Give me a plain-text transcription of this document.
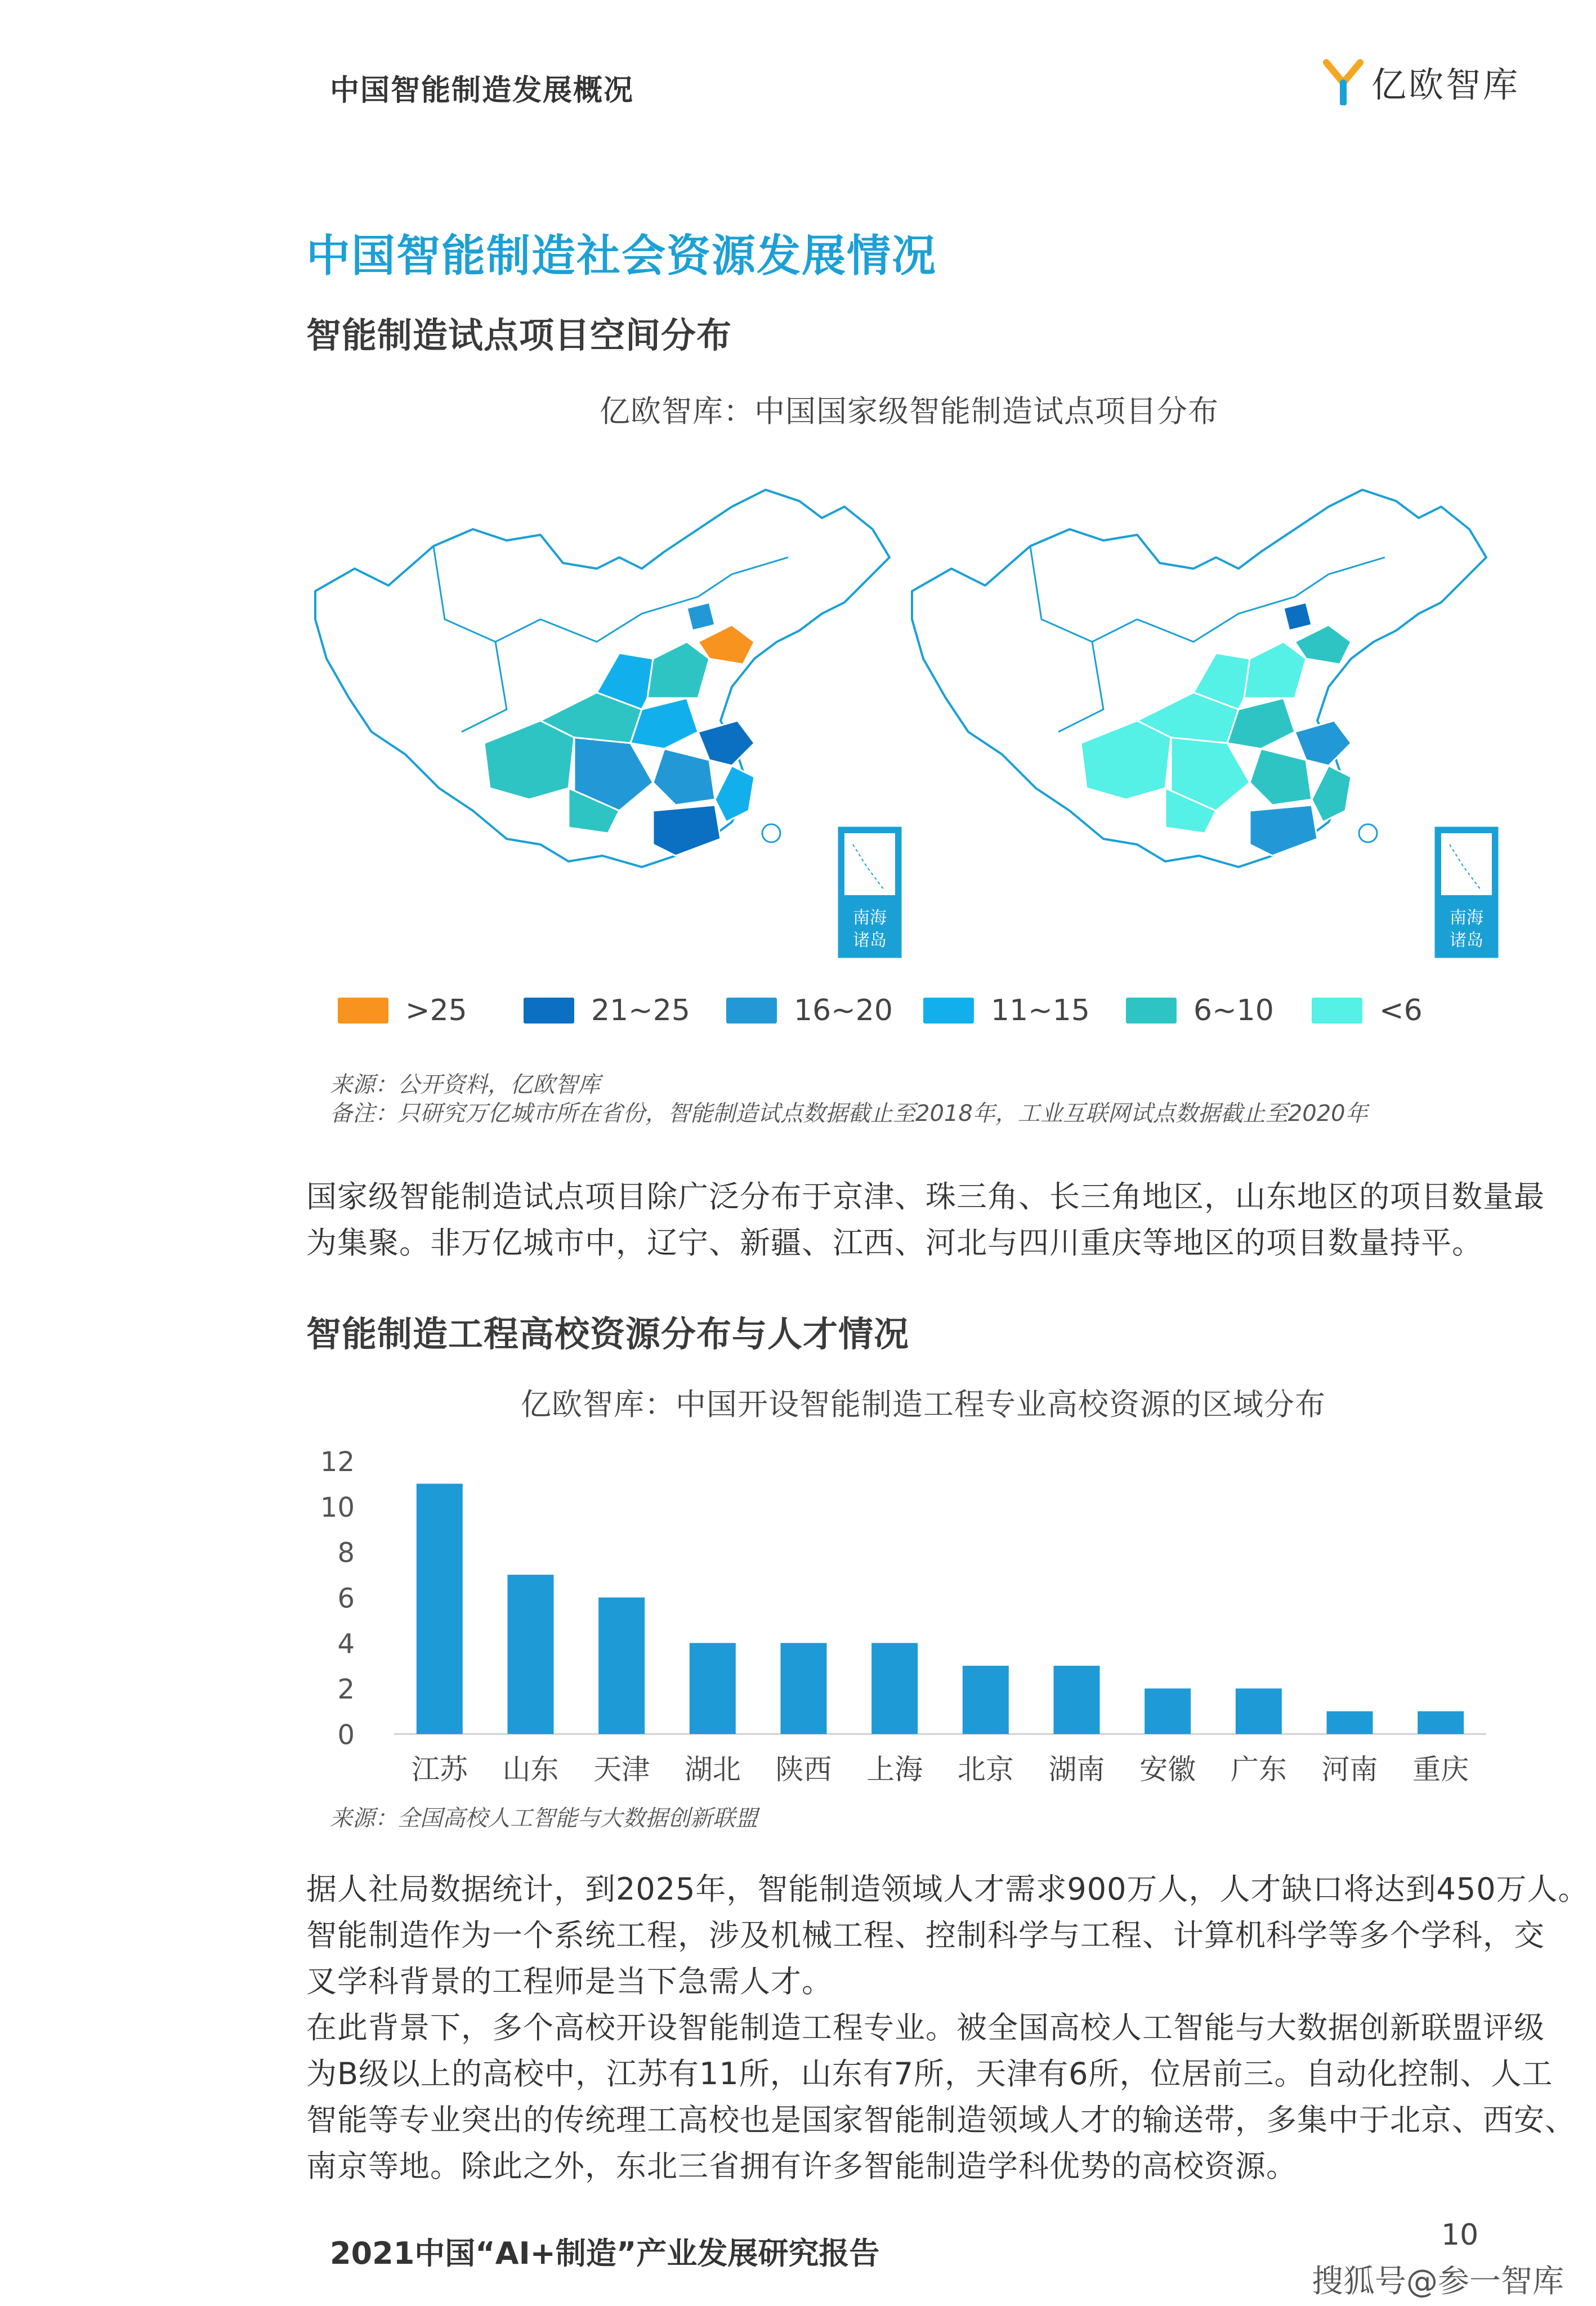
中国智能制造发展概况	亿欧智库
中国智能制造社会资源发展情况
智能制造试点项目空间分布
亿欧智库：中国国家级智能制造试点项目分布
南海
诸岛
南海
诸岛
>25	21~25	16~20	11~15	6~10	<6
来源：公开资料，亿欧智库
备注：只研究万亿城市所在省份，智能制造试点数据截止至2018年，工业互联网试点数据截止至2020年

国家级智能制造试点项目除广泛分布于京津、珠三角、长三角地区，山东地区的项目数量最

为集聚。非万亿城市中，辽宁、新疆、江西、河北与四川重庆等地区的项目数量持平。

智能制造工程高校资源分布与人才情况
亿欧智库：中国开设智能制造工程专业高校资源的区域分布
0
2
4
6
8
10
12
江苏 山东 天津 湖北 陕西 上海 北京 湖南 安徽 广东 河南 重庆
来源：全国高校人工智能与大数据创新联盟

据人社局数据统计，到2025年，智能制造领域人才需求900万人，人才缺口将达到450万人。

智能制造作为一个系统工程，涉及机械工程、控制科学与工程、计算机科学等多个学科，交

叉学科背景的工程师是当下急需人才。

在此背景下，多个高校开设智能制造工程专业。被全国高校人工智能与大数据创新联盟评级

为B级以上的高校中，江苏有11所，山东有7所，天津有6所，位居前三。自动化控制、人工

智能等专业突出的传统理工高校也是国家智能制造领域人才的输送带，多集中于北京、西安、

南京等地。除此之外，东北三省拥有许多智能制造学科优势的高校资源。

2021中国“AI+制造”产业发展研究报告
10
搜狐号@参一智库
